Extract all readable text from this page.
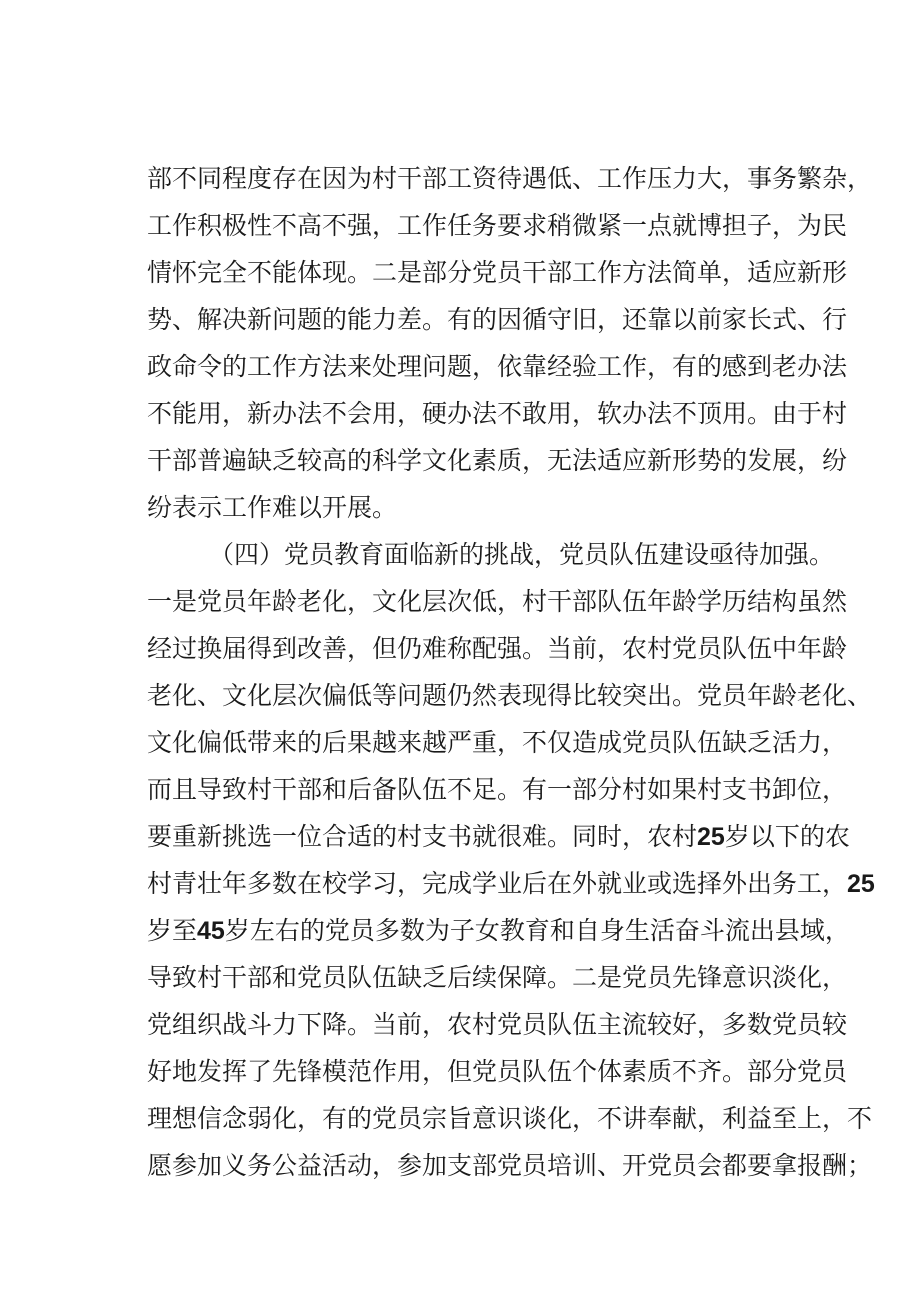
部不同程度存在因为村干部工资待遇低、工作压力大，事务繁杂，
工作积极性不高不强，工作任务要求稍微紧一点就博担子，为民
情怀完全不能体现。二是部分党员干部工作方法简单，适应新形
势、解决新问题的能力差。有的因循守旧，还靠以前家长式、行
政命令的工作方法来处理问题，依靠经验工作，有的感到老办法
不能用，新办法不会用，硬办法不敢用，软办法不顶用。由于村
干部普遍缺乏较高的科学文化素质，无法适应新形势的发展，纷
纷表示工作难以开展。
（四）党员教育面临新的挑战，党员队伍建设亟待加强。
一是党员年龄老化，文化层次低，村干部队伍年龄学历结构虽然
经过换届得到改善，但仍难称配强。当前，农村党员队伍中年龄
老化、文化层次偏低等问题仍然表现得比较突出。党员年龄老化、
文化偏低带来的后果越来越严重，不仅造成党员队伍缺乏活力，
而且导致村干部和后备队伍不足。有一部分村如果村支书卸位，
要重新挑选一位合适的村支书就很难。同时，农村25岁以下的农
村青壮年多数在校学习，完成学业后在外就业或选择外出务工，25
岁至45岁左右的党员多数为子女教育和自身生活奋斗流出县域，
导致村干部和党员队伍缺乏后续保障。二是党员先锋意识淡化，
党组织战斗力下降。当前，农村党员队伍主流较好，多数党员较
好地发挥了先锋模范作用，但党员队伍个体素质不齐。部分党员
理想信念弱化，有的党员宗旨意识谈化，不讲奉献，利益至上，不
愿参加义务公益活动，参加支部党员培训、开党员会都要拿报酬；
